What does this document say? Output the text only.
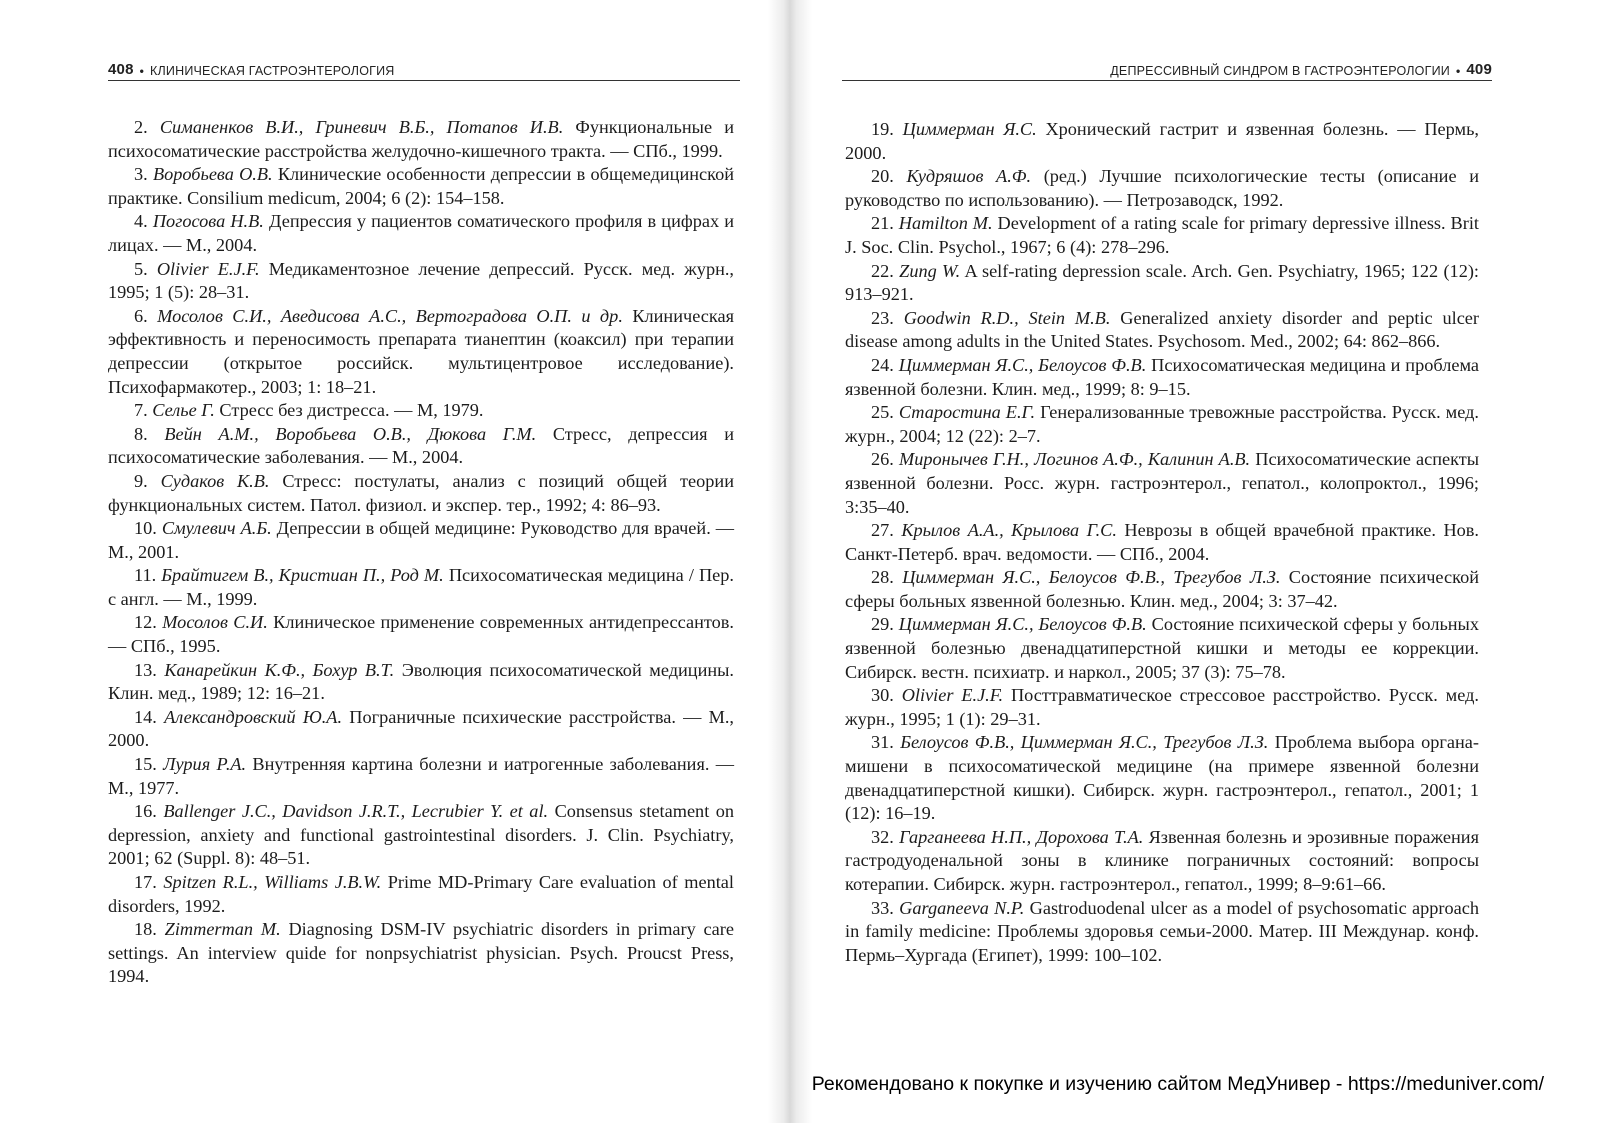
408 • КЛИНИЧЕСКАЯ ГАСТРОЭНТЕРОЛОГИЯ
2. Симаненков В.И., Гриневич В.Б., Потапов И.В. Функциональные и психосоматические расстройства желудочно-кишечного тракта. — СПб., 1999.
3. Воробьева О.В. Клинические особенности депрессии в общемедицинской практике. Consilium medicum, 2004; 6 (2): 154–158.
4. Погосова Н.В. Депрессия у пациентов соматического профиля в цифрах и лицах. — М., 2004.
5. Olivier E.J.F. Медикаментозное лечение депрессий. Русск. мед. журн., 1995; 1 (5): 28–31.
6. Мосолов С.И., Аведисова А.С., Вертоградова О.П. и др. Клиническая эффективность и переносимость препарата тианептин (коаксил) при терапии депрессии (открытое российск. мультицентровое исследование). Психофармакотер., 2003; 1: 18–21.
7. Селье Г. Стресс без дистресса. — М, 1979.
8. Вейн А.М., Воробьева О.В., Дюкова Г.М. Стресс, депрессия и психосоматические заболевания. — М., 2004.
9. Судаков К.В. Стресс: постулаты, анализ с позиций общей теории функциональных систем. Патол. физиол. и экспер. тер., 1992; 4: 86–93.
10. Смулевич А.Б. Депрессии в общей медицине: Руководство для врачей. — М., 2001.
11. Брайтигем В., Кристиан П., Род М. Психосоматическая медицина / Пер. с англ. — М., 1999.
12. Мосолов С.И. Клиническое применение современных антидепрессантов. — СПб., 1995.
13. Канарейкин К.Ф., Бохур В.Т. Эволюция психосоматической медицины. Клин. мед., 1989; 12: 16–21.
14. Александровский Ю.А. Пограничные психические расстройства. — М., 2000.
15. Лурия Р.А. Внутренняя картина болезни и иатрогенные заболевания. — М., 1977.
16. Ballenger J.C., Davidson J.R.T., Lecrubier Y. et al. Consensus stetament on depression, anxiety and functional gastrointestinal disorders. J. Clin. Psychiatry, 2001; 62 (Suppl. 8): 48–51.
17. Spitzen R.L., Williams J.B.W. Prime MD-Primary Care evaluation of mental disorders, 1992.
18. Zimmerman M. Diagnosing DSM-IV psychiatric disorders in primary care settings. An interview quide for nonpsychiatrist physician. Psych. Proucst Press, 1994.
ДЕПРЕССИВНЫЙ СИНДРОМ В ГАСТРОЭНТЕРОЛОГИИ • 409
19. Циммерман Я.С. Хронический гастрит и язвенная болезнь. — Пермь, 2000.
20. Кудряшов А.Ф. (ред.) Лучшие психологические тесты (описание и руководство по использованию). — Петрозаводск, 1992.
21. Hamilton M. Development of a rating scale for primary depressive illness. Brit J. Soc. Clin. Psychol., 1967; 6 (4): 278–296.
22. Zung W. A self-rating depression scale. Arch. Gen. Psychiatry, 1965; 122 (12): 913–921.
23. Goodwin R.D., Stein M.B. Generalized anxiety disorder and peptic ulcer disease among adults in the United States. Psychosom. Med., 2002; 64: 862–866.
24. Циммерман Я.С., Белоусов Ф.В. Психосоматическая медицина и проблема язвенной болезни. Клин. мед., 1999; 8: 9–15.
25. Старостина Е.Г. Генерализованные тревожные расстройства. Русск. мед. журн., 2004; 12 (22): 2–7.
26. Миронычев Г.Н., Логинов А.Ф., Калинин А.В. Психосоматические аспекты язвенной болезни. Росс. журн. гастроэнтерол., гепатол., колопроктол., 1996; 3:35–40.
27. Крылов А.А., Крылова Г.С. Неврозы в общей врачебной практике. Нов. Санкт-Петерб. врач. ведомости. — СПб., 2004.
28. Циммерман Я.С., Белоусов Ф.В., Трегубов Л.З. Состояние психической сферы больных язвенной болезнью. Клин. мед., 2004; 3: 37–42.
29. Циммерман Я.С., Белоусов Ф.В. Состояние психической сферы у больных язвенной болезнью двенадцатиперстной кишки и методы ее коррекции. Сибирск. вестн. психиатр. и наркол., 2005; 37 (3): 75–78.
30. Olivier E.J.F. Посттравматическое стрессовое расстройство. Русск. мед. журн., 1995; 1 (1): 29–31.
31. Белоусов Ф.В., Циммерман Я.С., Трегубов Л.З. Проблема выбора органа-мишени в психосоматической медицине (на примере язвенной болезни двенадцатиперстной кишки). Сибирск. журн. гастроэнтерол., гепатол., 2001; 1 (12): 16–19.
32. Гарганеева Н.П., Дорохова Т.А. Язвенная болезнь и эрозивные поражения гастродуоденальной зоны в клинике пограничных состояний: вопросы котерапии. Сибирск. журн. гастроэнтерол., гепатол., 1999; 8–9:61–66.
33. Garganeeva N.P. Gastroduodenal ulcer as a model of psychosomatic approach in family medicine: Проблемы здоровья семьи-2000. Матер. III Междунар. конф. Пермь–Хургада (Египет), 1999: 100–102.
Рекомендовано к покупке и изучению сайтом МедУнивер - https://meduniver.com/
